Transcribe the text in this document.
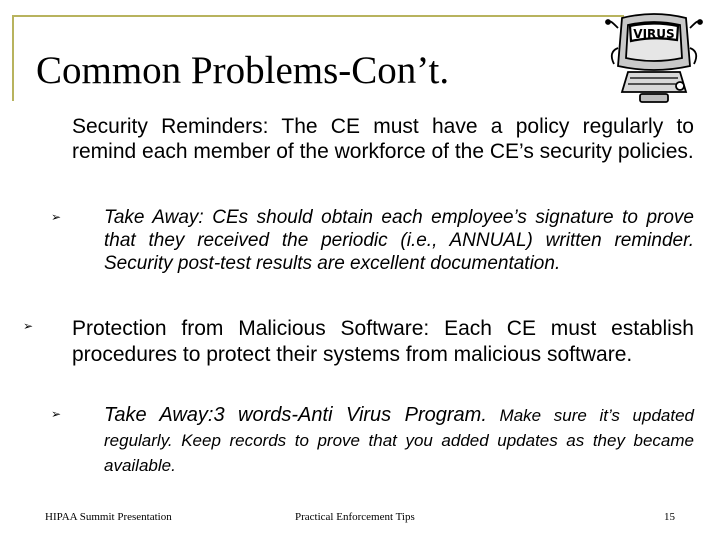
Common Problems-Con’t.
VIRUS

Security Reminders: The CE must have a policy regularly to remind each member of the workforce of the CE’s security policies.

➢ Take Away: CEs should obtain each employee’s signature to prove that they received the periodic (i.e., ANNUAL) written reminder. Security post-test results are excellent documentation.

➢ Protection from Malicious Software: Each CE must establish procedures to protect their systems from malicious software.

➢ Take Away:3 words-Anti Virus Program. Make sure it’s updated regularly. Keep records to prove that you added updates as they became available.

HIPAA Summit Presentation	Practical Enforcement Tips	15
